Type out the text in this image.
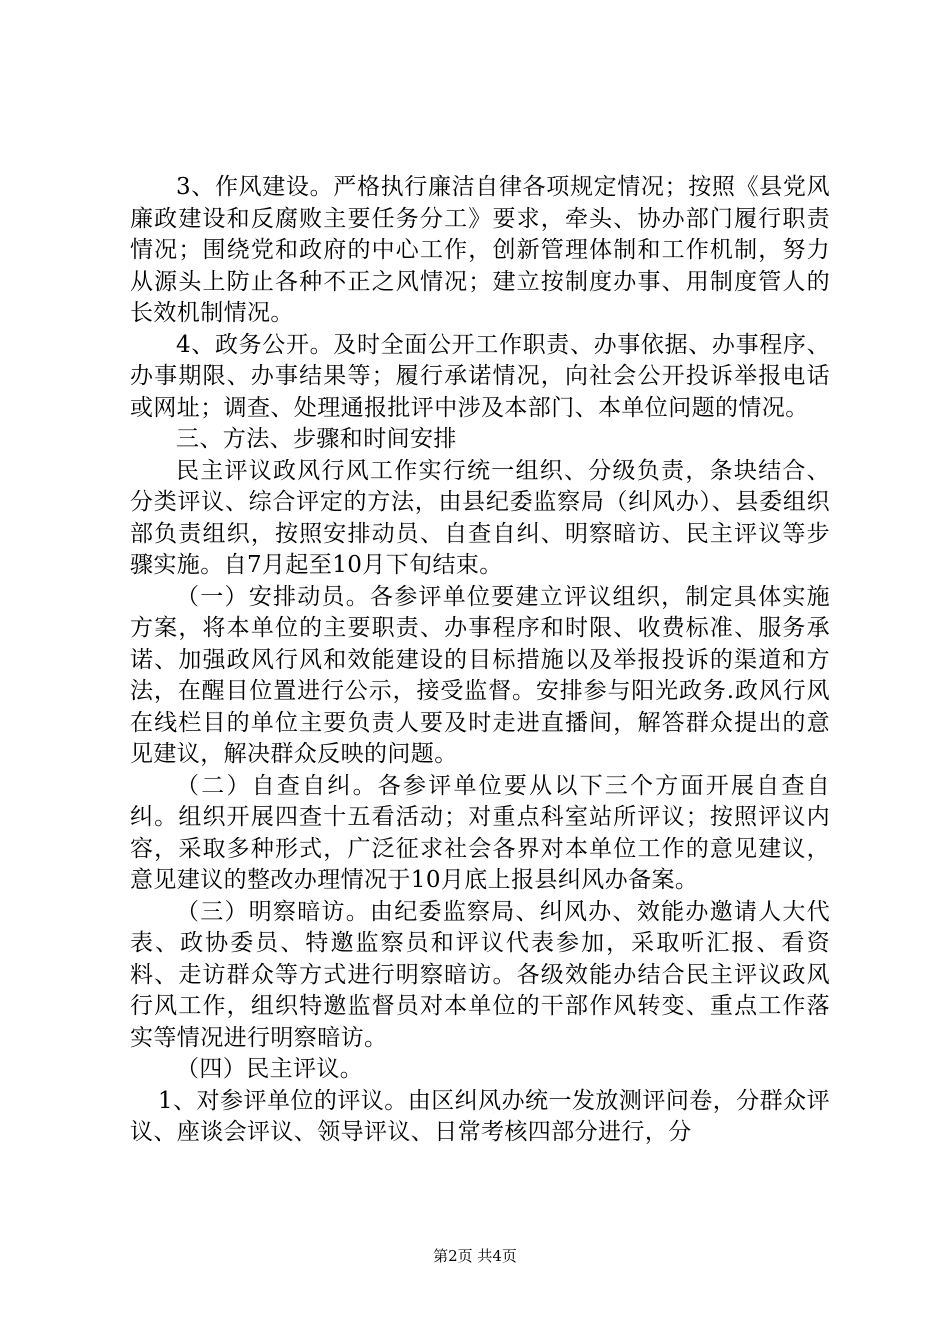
3、作风建设。严格执行廉洁自律各项规定情况；按照《县党风廉政建设和反腐败主要任务分工》要求，牵头、协办部门履行职责情况；围绕党和政府的中心工作，创新管理体制和工作机制，努力从源头上防止各种不正之风情况；建立按制度办事、用制度管人的长效机制情况。

4、政务公开。及时全面公开工作职责、办事依据、办事程序、办事期限、办事结果等；履行承诺情况，向社会公开投诉举报电话或网址；调查、处理通报批评中涉及本部门、本单位问题的情况。

三、方法、步骤和时间安排

民主评议政风行风工作实行统一组织、分级负责，条块结合、分类评议、综合评定的方法，由县纪委监察局（纠风办）、县委组织部负责组织，按照安排动员、自查自纠、明察暗访、民主评议等步骤实施。自7月起至10月下旬结束。

（一）安排动员。各参评单位要建立评议组织，制定具体实施方案，将本单位的主要职责、办事程序和时限、收费标准、服务承诺、加强政风行风和效能建设的目标措施以及举报投诉的渠道和方法，在醒目位置进行公示，接受监督。安排参与阳光政务.政风行风在线栏目的单位主要负责人要及时走进直播间，解答群众提出的意见建议，解决群众反映的问题。

（二）自查自纠。各参评单位要从以下三个方面开展自查自纠。组织开展四查十五看活动；对重点科室站所评议；按照评议内容，采取多种形式，广泛征求社会各界对本单位工作的意见建议，意见建议的整改办理情况于10月底上报县纠风办备案。

（三）明察暗访。由纪委监察局、纠风办、效能办邀请人大代表、政协委员、特邀监察员和评议代表参加，采取听汇报、看资料、走访群众等方式进行明察暗访。各级效能办结合民主评议政风行风工作，组织特邀监督员对本单位的干部作风转变、重点工作落实等情况进行明察暗访。

（四）民主评议。

1、对参评单位的评议。由区纠风办统一发放测评问卷，分群众评议、座谈会评议、领导评议、日常考核四部分进行，分

第2页 共4页
